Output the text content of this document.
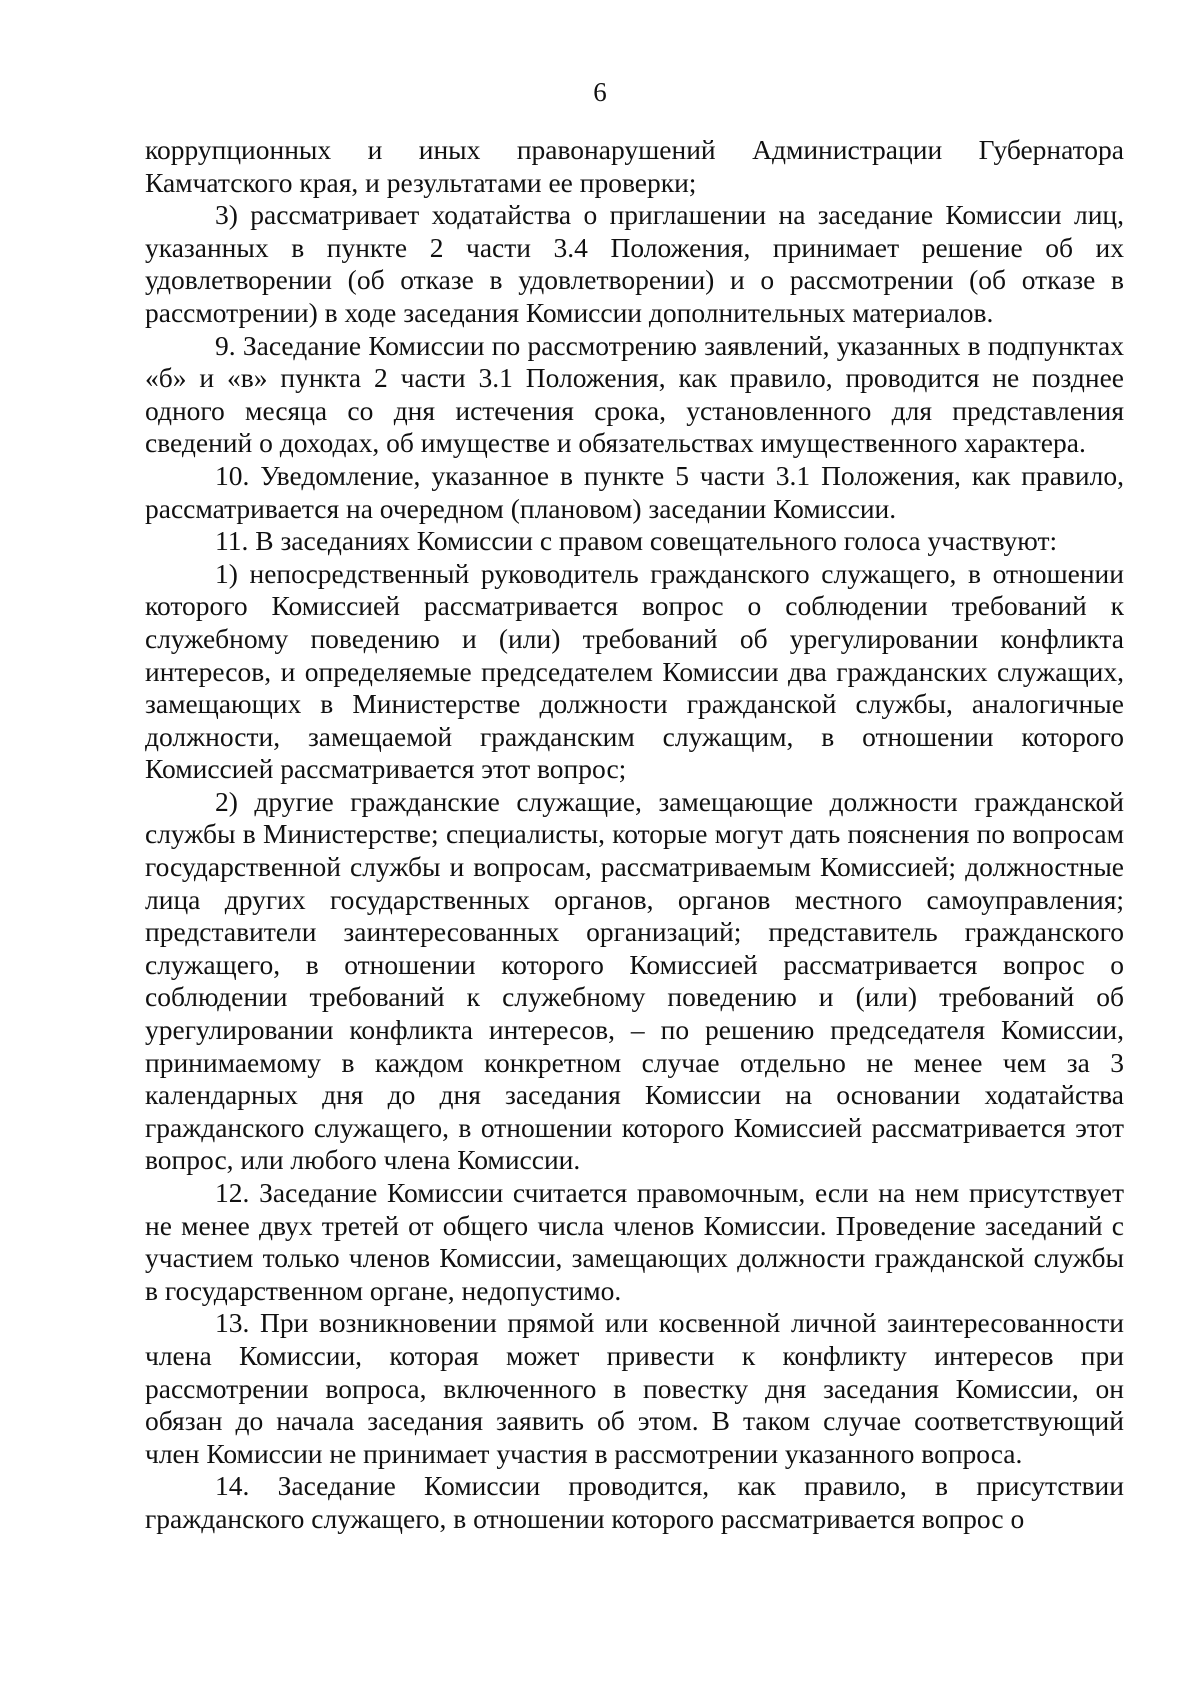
6

коррупционных и иных правонарушений Администрации Губернатора Камчатского края, и результатами ее проверки;

3) рассматривает ходатайства о приглашении на заседание Комиссии лиц, указанных в пункте 2 части 3.4 Положения, принимает решение об их удовлетворении (об отказе в удовлетворении) и о рассмотрении (об отказе в рассмотрении) в ходе заседания Комиссии дополнительных материалов.

9. Заседание Комиссии по рассмотрению заявлений, указанных в подпунктах «б» и «в» пункта 2 части 3.1 Положения, как правило, проводится не позднее одного месяца со дня истечения срока, установленного для представления сведений о доходах, об имуществе и обязательствах имущественного характера.

10. Уведомление, указанное в пункте 5 части 3.1 Положения, как правило, рассматривается на очередном (плановом) заседании Комиссии.

11. В заседаниях Комиссии с правом совещательного голоса участвуют:

1) непосредственный руководитель гражданского служащего, в отношении которого Комиссией рассматривается вопрос о соблюдении требований к служебному поведению и (или) требований об урегулировании конфликта интересов, и определяемые председателем Комиссии два гражданских служащих, замещающих в Министерстве должности гражданской службы, аналогичные должности, замещаемой гражданским служащим, в отношении которого Комиссией рассматривается этот вопрос;

2) другие гражданские служащие, замещающие должности гражданской службы в Министерстве; специалисты, которые могут дать пояснения по вопросам государственной службы и вопросам, рассматриваемым Комиссией; должностные лица других государственных органов, органов местного самоуправления; представители заинтересованных организаций; представитель гражданского служащего, в отношении которого Комиссией рассматривается вопрос о соблюдении требований к служебному поведению и (или) требований об урегулировании конфликта интересов, – по решению председателя Комиссии, принимаемому в каждом конкретном случае отдельно не менее чем за 3 календарных дня до дня заседания Комиссии на основании ходатайства гражданского служащего, в отношении которого Комиссией рассматривается этот вопрос, или любого члена Комиссии.

12. Заседание Комиссии считается правомочным, если на нем присутствует не менее двух третей от общего числа членов Комиссии. Проведение заседаний с участием только членов Комиссии, замещающих должности гражданской службы в государственном органе, недопустимо.

13. При возникновении прямой или косвенной личной заинтересованности члена Комиссии, которая может привести к конфликту интересов при рассмотрении вопроса, включенного в повестку дня заседания Комиссии, он обязан до начала заседания заявить об этом. В таком случае соответствующий член Комиссии не принимает участия в рассмотрении указанного вопроса.

14. Заседание Комиссии проводится, как правило, в присутствии гражданского служащего, в отношении которого рассматривается вопрос о
